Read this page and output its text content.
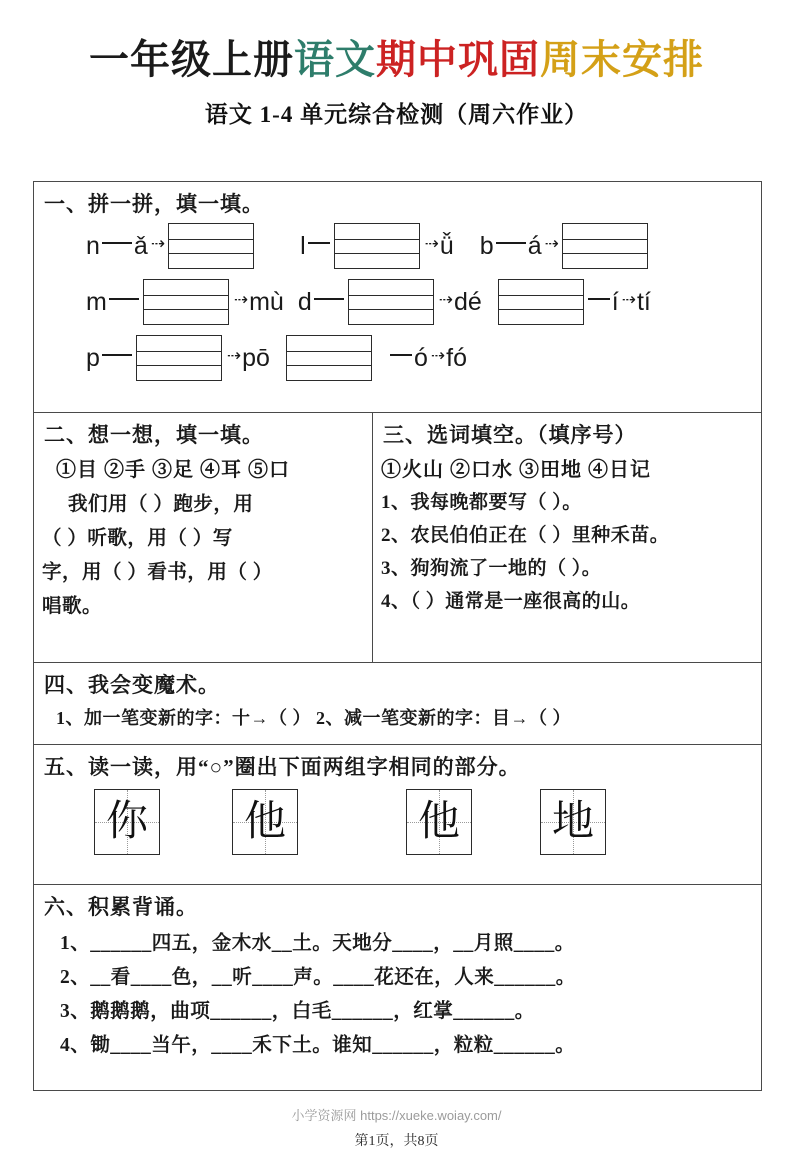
一年级上册语文期中巩固周末安排
语文 1-4 单元综合检测（周六作业）
一、拼一拼，填一填。
n ǎ ⇢	l	⇢ ǚ b á ⇢
m	⇢ mù d	⇢ dé	í ⇢ tí
p	⇢ pō	ó ⇢ fó
二、想一想，填一填。
①目 ②手 ③足 ④耳 ⑤口
我们用（ ）跑步，用
（ ）听歌，用（ ）写
字，用（ ）看书，用（ ）
唱歌。
三、选词填空。（填序号）
①火山 ②口水 ③田地 ④日记
1、我每晚都要写（ ）。
2、农民伯伯正在（ ）里种禾苗。
3、狗狗流了一地的（ ）。
4、（ ）通常是一座很高的山。
四、我会变魔术。
1、加一笔变新的字：十→（ ） 2、减一笔变新的字：目→（ ）
五、读一读，用“○”圈出下面两组字相同的部分。
你 他	他 地
六、积累背诵。
1、______四五，金木水__土。天地分____，__月照____。
2、__看____色，__听____声。____花还在，人来______。
3、鹅鹅鹅，曲项______，白毛______，红掌______。
4、锄____当午，____禾下土。谁知______，粒粒______。
小学资源网 https://xueke.woiay.com/
第1页，共8页
